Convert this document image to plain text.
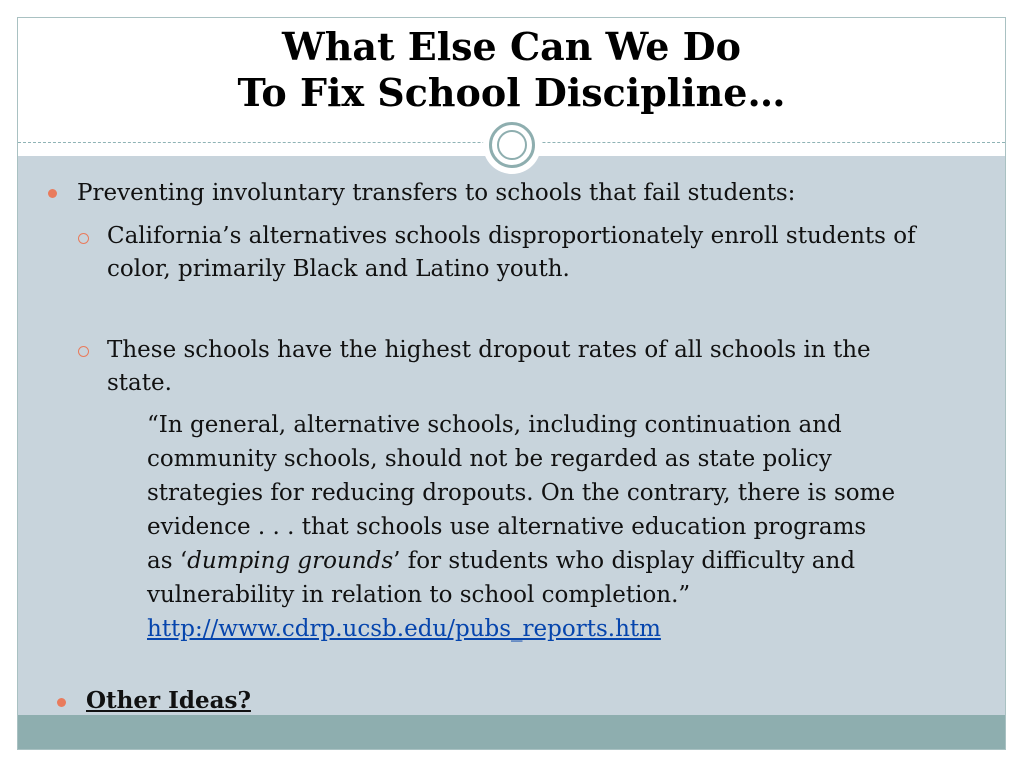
What Else Can We Do
To Fix School Discipline…
Preventing involuntary transfers to schools that fail students:
California’s alternatives schools disproportionately enroll students of
color, primarily Black and Latino youth.
These schools have the highest dropout rates of all schools in the
state.
“In general, alternative schools, including continuation and
community schools, should not be regarded as state policy
strategies for reducing dropouts. On the contrary, there is some
evidence . . . that schools use alternative education programs
as ‘dumping grounds’ for students who display difficulty and
vulnerability in relation to school completion.”
http://www.cdrp.ucsb.edu/pubs_reports.htm
Other Ideas?
